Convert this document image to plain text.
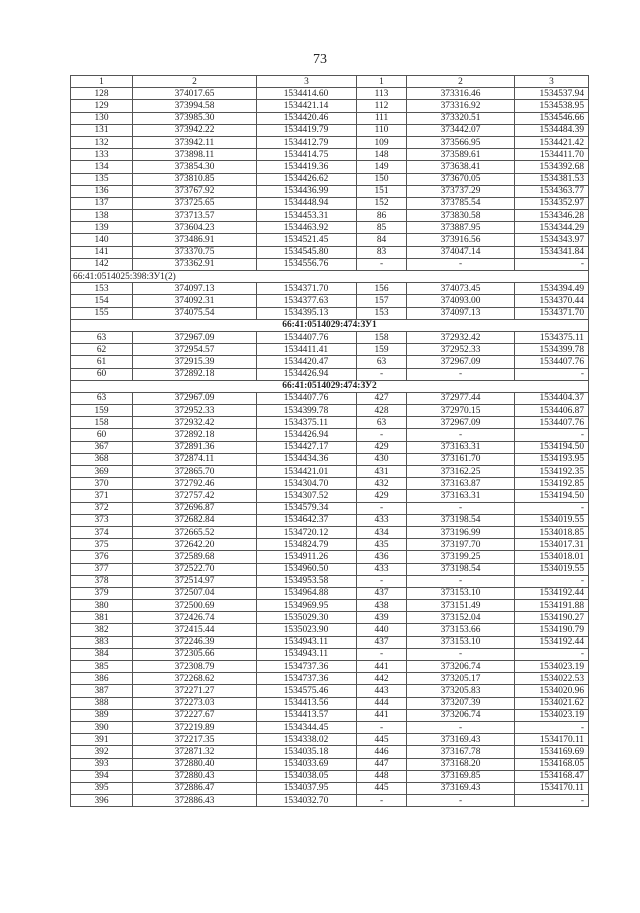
73
1	2	3	1	2	3
128	374017.65	1534414.60	113	373316.46	1534537.94
129	373994.58	1534421.14	112	373316.92	1534538.95
130	373985.30	1534420.46	111	373320.51	1534546.66
131	373942.22	1534419.79	110	373442.07	1534484.39
132	373942.11	1534412.79	109	373566.95	1534421.42
133	373898.11	1534414.75	148	373589.61	1534411.70
134	373854.30	1534419.36	149	373638.41	1534392.68
135	373810.85	1534426.62	150	373670.05	1534381.53
136	373767.92	1534436.99	151	373737.29	1534363.77
137	373725.65	1534448.94	152	373785.54	1534352.97
138	373713.57	1534453.31	86	373830.58	1534346.28
139	373604.23	1534463.92	85	373887.95	1534344.29
140	373486.91	1534521.45	84	373916.56	1534343.97
141	373370.75	1534545.80	83	374047.14	1534341.84
142	373362.91	1534556.76	-	-	-
66:41:0514025:398:ЗУ1(2)					
153	374097.13	1534371.70	156	374073.45	1534394.49
154	374092.31	1534377.63	157	374093.00	1534370.44
155	374075.54	1534395.13	153	374097.13	1534371.70
66:41:0514029:474:ЗУ1					
63	372967.09	1534407.76	158	372932.42	1534375.11
62	372954.57	1534411.41	159	372952.33	1534399.78
61	372915.39	1534420.47	63	372967.09	1534407.76
60	372892.18	1534426.94	-	-	-
66:41:0514029:474:ЗУ2					
63	372967.09	1534407.76	427	372977.44	1534404.37
159	372952.33	1534399.78	428	372970.15	1534406.87
158	372932.42	1534375.11	63	372967.09	1534407.76
60	372892.18	1534426.94	-	-	-
367	372891.36	1534427.17	429	373163.31	1534194.50
368	372874.11	1534434.36	430	373161.70	1534193.95
369	372865.70	1534421.01	431	373162.25	1534192.35
370	372792.46	1534304.70	432	373163.87	1534192.85
371	372757.42	1534307.52	429	373163.31	1534194.50
372	372696.87	1534579.34	-	-	-
373	372682.84	1534642.37	433	373198.54	1534019.55
374	372665.52	1534720.12	434	373196.99	1534018.85
375	372642.20	1534824.79	435	373197.70	1534017.31
376	372589.68	1534911.26	436	373199.25	1534018.01
377	372522.70	1534960.50	433	373198.54	1534019.55
378	372514.97	1534953.58	-	-	-
379	372507.04	1534964.88	437	373153.10	1534192.44
380	372500.69	1534969.95	438	373151.49	1534191.88
381	372426.74	1535029.30	439	373152.04	1534190.27
382	372415.44	1535023.90	440	373153.66	1534190.79
383	372246.39	1534943.11	437	373153.10	1534192.44
384	372305.66	1534943.11	-	-	-
385	372308.79	1534737.36	441	373206.74	1534023.19
386	372268.62	1534737.36	442	373205.17	1534022.53
387	372271.27	1534575.46	443	373205.83	1534020.96
388	372273.03	1534413.56	444	373207.39	1534021.62
389	372227.67	1534413.57	441	373206.74	1534023.19
390	372219.89	1534344.45	-	-	-
391	372217.35	1534338.02	445	373169.43	1534170.11
392	372871.32	1534035.18	446	373167.78	1534169.69
393	372880.40	1534033.69	447	373168.20	1534168.05
394	372880.43	1534038.05	448	373169.85	1534168.47
395	372886.47	1534037.95	445	373169.43	1534170.11
396	372886.43	1534032.70	-	-	-
